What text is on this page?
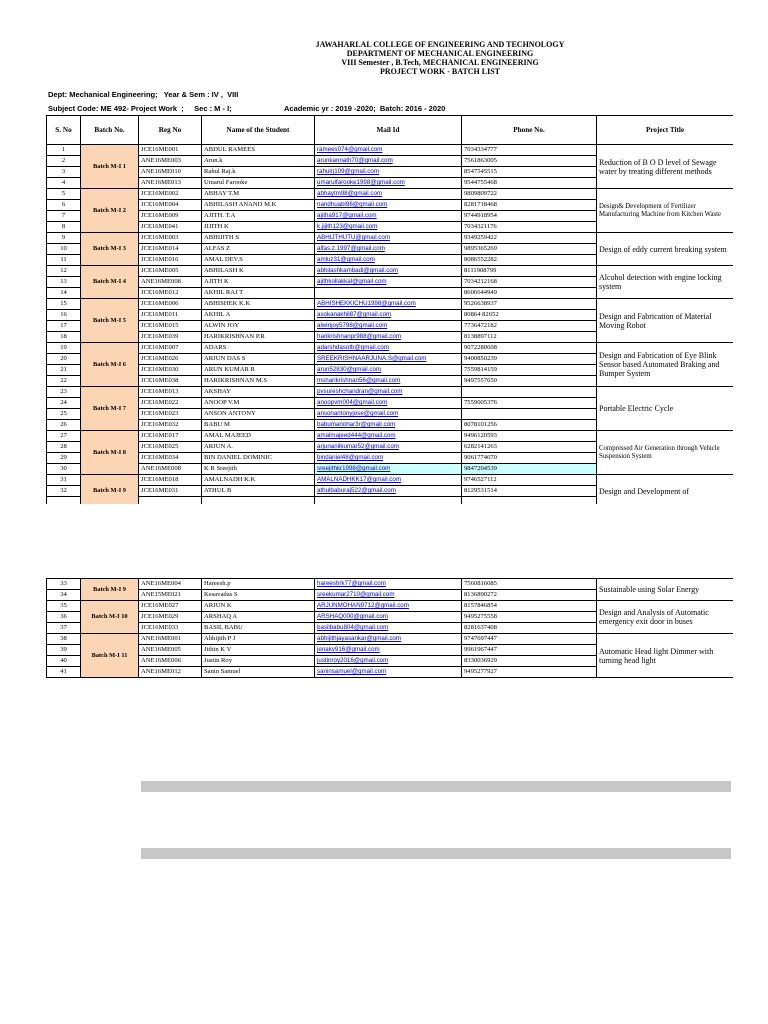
JAWAHARLAL COLLEGE OF ENGINEERING AND TECHNOLOGY
DEPARTMENT OF MECHANICAL ENGINEERING
VIII Semester , B.Tech, MECHANICAL ENGINEERING
PROJECT WORK - BATCH LIST
Dept: Mechanical Engineering;   Year & Sem : IV ,  VIII
Subject Code: ME 492- Project Work  ;     Sec : M - I;	Academic yr : 2019 -2020;  Batch: 2016 - 2020
S. No	Batch No.	Reg No	Name of the Student	Mail Id	Phone No.	Project Title
1	Batch M-I 1	JCE16ME001	ABDUL RAMEES	ramees074@gmail.com	7034334777	Reduction of B O D level of Sewage water by treating different methods
2		ANE16ME003	Arun.k	arunkannath70@gmail.com	7561863005	
3		ANE16ME010	Rahul Raj.k	rahulrj109@gmail.com	8547545515	
4		ANE16ME013	Umarul Farooke	umarulfarooke1998@gmail.com	9544755468	
5	Batch M-I 2	JCE16ME002	ABHAY T.M	abhaytm98@gmail.com	9809809722	Design& Development of Fertilizer Manufacturing Machine from Kitchen Waste
6		JCE16ME004	ABHILASH ANAND M.K	nandhuabi98@gmail.com	8281718468	
7		JCE16ME009	AJITH. T.A	ajitha917@gmail.com	9744918954	
8		JCE16ME041	JIJITH K	k.jijith123@gmail.com	7034321176	
9	Batch M-I 3	JCE16ME003	ABHIJITH S	ABHIJTHUTU@gmail.com	9349259422	Design of eddy current breaking system
10		JCE16ME014	ALFAS Z	alfas.z.1997@gmail.com	9895365269	
11		JCE16ME016	AMAL DEV.S	amluz31@gmail.com	8086552282	
12	Batch M-I 4	JCE16ME005	ABHILASH K	abhilashkambadi@gmail.com	8111908799	Alcohol detection with engine locking system
13		ANE16ME008	AJITH K	ajithkollakkal@gmail.com	7034212168	
14		JCE16ME012	AKHIL RAJ T		8606644949	
15	Batch M-I 5	JCE16ME006	ABHISHEK K.K	ABHISHEKKICHU1998@gmail.com	9526638937	Design and Fabrication of Material Moving Robot
16		JCE16ME011	AKHIL A	asokanakhil87@gmail.com	80864 82652	
17		JCE16ME015	ALWIN JOY	alwinjoy5798@gmail.com	7736472182	
18		JCE16ME039	HARIKRISHNAN P.R	harikrishnanpr988@gmail.com	8138897112	
19	Batch M-I 6	JCE16ME007	ADARS	adarshdasotb@gmail.com	9072280608	Design and Fabrication of Eye Blink Sensor based Automated Braking and Bumper System
20		JCE16ME026	ARJUN DAS S	SREEKRISHNAARJUNA.S@gmail.com	9400850239	
21		JCE16ME030	ARUN KUMAR R	arun52830@gmail.com	7559814159	
22		JCE16ME038	HARIKRISHNAN M.S	msharikrishnan56@gmail.com	9497557650	
23	Batch M-I 7	JCE16ME013	AKSHAY	pvsureshchandran@gmail.com		Portable Electric Cycle
24		JCE16ME022	ANOOP V.M	anoopvm004@gmail.com	7559005376	
25		JCE16ME023	ANSON ANTONY	ansonantonyjose@gmail.com		
26		JCE16ME032	BABU M	babumanohar3r@gmail.com	8078101256	
27	Batch M-I 8	JCE16ME017	AMAL MAJEED	amalmajeed444@gmail.com	9496120593	Compressed Air Generation through Vehicle Suspension System
28		JCE16ME025	ARJUN A.	arjunanilkumar52@gmail.com	6282141263	
29		JCE16ME034	BIN DANIEL DOMINIC	bindaniel48@gmail.com	9061774670	
30		ANE16ME008	K R Sreejith	sreejithkr1998@gmail.com	9847204539	
31	Batch M-I 9	JCE16ME018	AMALNADH K.K	AMALNADHKK17@gmail.com	9746527112	Design and Development of
32		JCE16ME031	ATHUL B	athulbaburaj522@gmail.com	8129531514	

33	Batch M-I 9	ANE16ME004	Hareesh.p	hareeshrk77@gmail.com	7560816085	Sustainable using Solar Energy
34		ANE15ME021	Kesavadas S	sreekumar2710@gmail.com	8136890272	
35	Batch M-I 10	JCE16ME027	ARJUN K	ARJUNMOHAN9712@gmail.com	8157846854	Design and Analysis of Automatic emergency exit door in buses
36		JCE16ME029	ARSHAQ A	ARSHAQ000@gmail.com	9495275558	
37		JCE16ME033	BASIL BABU	basilbabu804@gmail.com	8281637408	
38	Batch M-I 11	ANE16ME001	Abhijith P J	abhijithjayasankar@gmail.com	9747697447	Automatic Head light Dimmer with turning head light
39		ANE16ME005	Jithin K V	jenakv916@gmail.com	9961967447	
40		ANE16ME006	Justin Roy	justinroy2016@gmail.com	8330036929	
41		ANE16ME012	Sanin Samuel	saninsamuel@gmail.com	9495277927	
